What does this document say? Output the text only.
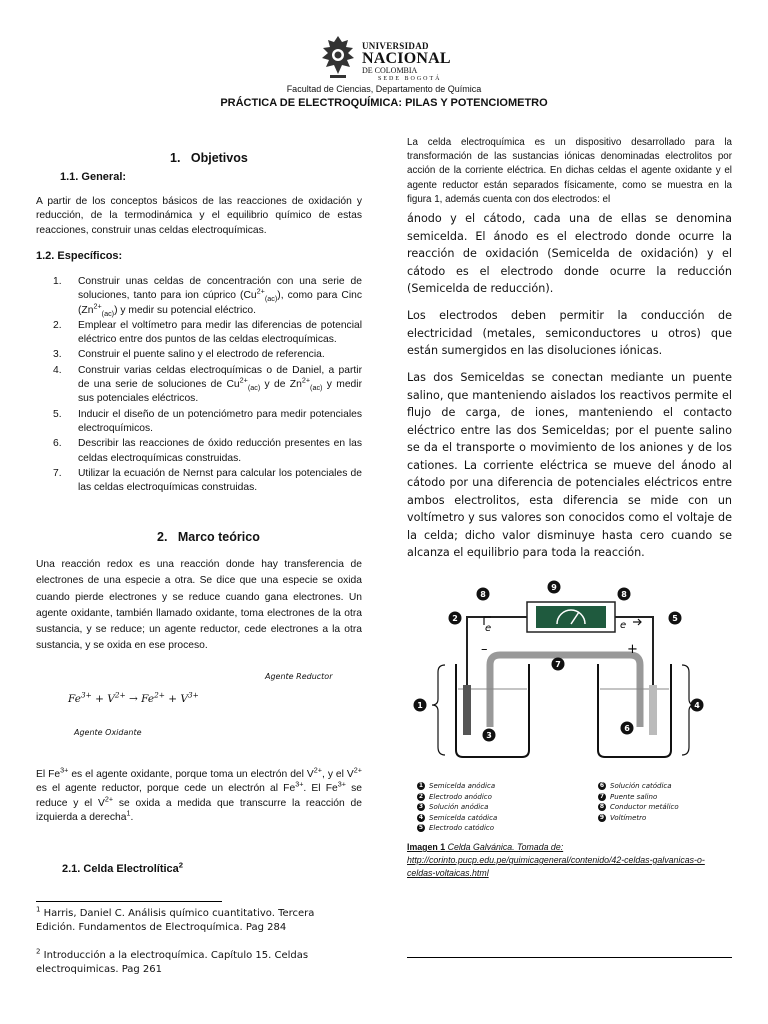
UNIVERSIDAD
NACIONAL
DE COLOMBIA
SEDE BOGOTÁ
Facultad de Ciencias, Departamento de Química
PRÁCTICA DE ELECTROQUÍMICA: PILAS Y POTENCIOMETRO
1. Objetivos
1.1. General:
A partir de los conceptos básicos de las reacciones de oxidación y reducción, de la termodinámica y el equilibrio químico de estas reacciones, construir unas celdas electroquímicas.
1.2. Específicos:
1. Construir unas celdas de concentración con una serie de soluciones, tanto para ion cúprico $(Cu^{2+}_{(ac)})$, como para Cinc $(Zn^{2+}_{(ac)})$ y medir su potencial eléctrico.
2. Emplear el voltímetro para medir las diferencias de potencial eléctrico entre dos puntos de las celdas electroquímicas.
3. Construir el puente salino y el electrodo de referencia.
4. Construir varias celdas electroquímicas o de Daniel, a partir de una serie de soluciones de $Cu^{2+}_{(ac)}$ y de $Zn^{2+}_{(ac)}$ y medir sus potenciales eléctricos.
5. Inducir el diseño de un potenciómetro para medir potenciales electroquímicos.
6. Describir las reacciones de óxido reducción presentes en las celdas electroquímicas construidas.
7. Utilizar la ecuación de Nernst para calcular los potenciales de las celdas electroquímicas construidas.
2. Marco teórico
Una reacción redox es una reacción donde hay transferencia de electrones de una especie a otra. Se dice que una especie se oxida cuando pierde electrones y se reduce cuando gana electrones. Un agente oxidante, también llamado oxidante, toma electrones de la otra sustancia, y se reduce; un agente reductor, cede electrones a la otra sustancia, y se oxida en ese proceso.
Agente Reductor
$Fe^{3+} + V^{2+} \to Fe^{2+} + V^{3+}$
Agente Oxidante
El $Fe^{3+}$ es el agente oxidante, porque toma un electrón del $V^{2+}$, y el $V^{2+}$ es el agente reductor, porque cede un electrón al $Fe^{3+}$. El $Fe^{3+}$ se reduce y el $V^{2+}$ se oxida a medida que transcurre la reacción de izquierda a derecha$^1$.
2.1. Celda Electrolítica$^2$
$^1$ Harris, Daniel C. Análisis químico cuantitativo. Tercera Edición. Fundamentos de Electroquímica. Pag 284
$^2$ Introducción a la electroquímica. Capítulo 15. Celdas electroquimicas. Pag 261
La celda electroquímica es un dispositivo desarrollado para la transformación de las sustancias iónicas denominadas electrolitos por acción de la corriente eléctrica. En dichas celdas el agente oxidante y el agente reductor están separados físicamente, como se muestra en la figura 1, además cuenta con dos electrodos: el
ánodo y el cátodo, cada una de ellas se denomina semicelda. El ánodo es el electrodo donde ocurre la reacción de oxidación (Semicelda de oxidación) y el cátodo es el electrodo donde ocurre la reducción (Semicelda de reducción).
Los electrodos deben permitir la conducción de electricidad (metales, semiconductores u otros) que están sumergidos en las disoluciones iónicas.
Las dos Semiceldas se conectan mediante un puente salino, que manteniendo aislados los reactivos permite el flujo de carga, de iones, manteniendo el contacto eléctrico entre las dos Semiceldas; por el puente salino se da el transporte o movimiento de los aniones y de los cationes. La corriente eléctrica se mueve del ánodo al cátodo por una diferencia de potenciales eléctricos entre ambos electrolitos, esta diferencia se mide con un voltímetro y sus valores son conocidos como el voltaje de la celda; dicho valor disminuye hasta cero cuando se alcanza el equilibrio para toda la reacción.
–	+
e	e
1
2
3
4
5
6
7
8	8
9
1 Semicelda anódica
2 Electrodo anódico
3 Solución anódica
4 Semicelda catódica
5 Electrodo catódico
6 Solución catódica
7 Puente salino
8 Conductor metálico
9 Voltímetro
Imagen 1 Celda Galvánica. Tomada de:
http://corinto.pucp.edu.pe/quimicageneral/contenido/42-celdas-galvanicas-o-celdas-voltaicas.html
